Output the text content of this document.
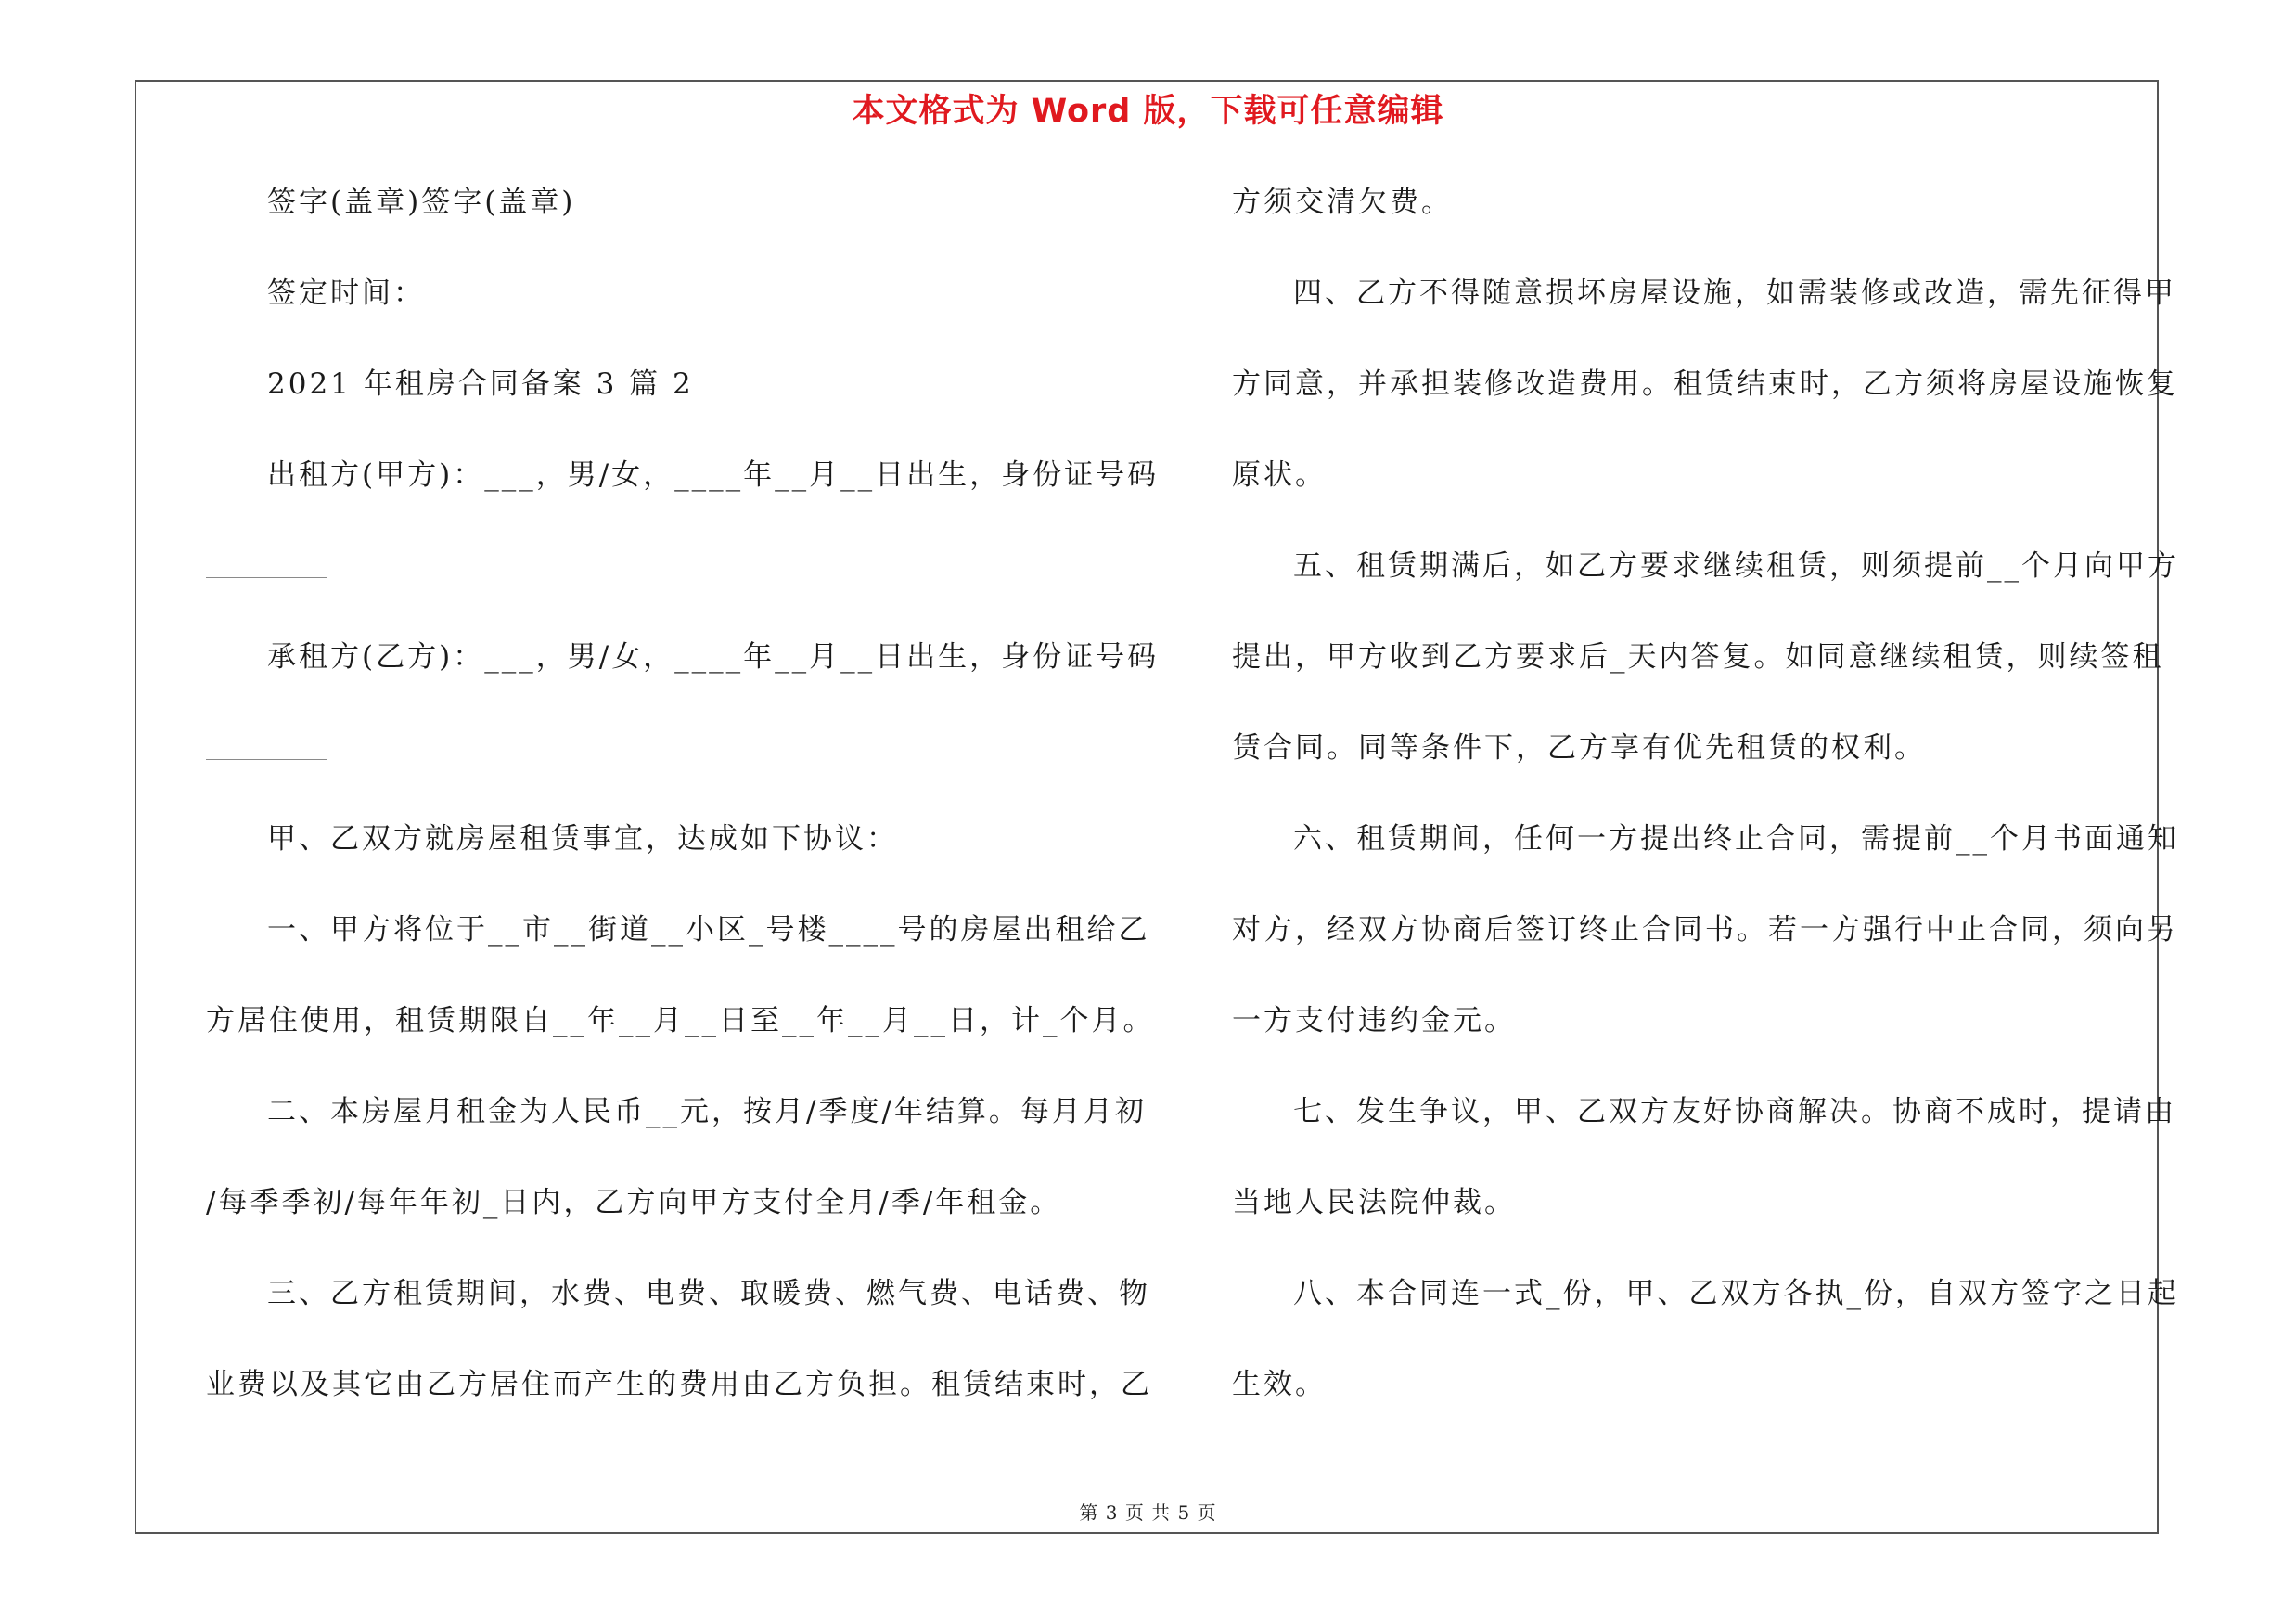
本文格式为 Word 版，下载可任意编辑
签字(盖章)签字(盖章)
签定时间：
2021 年租房合同备案 3 篇 2
出租方(甲方)：___，男/女，____年__月__日出生，身份证号码
承租方(乙方)：___，男/女，____年__月__日出生，身份证号码
甲、乙双方就房屋租赁事宜，达成如下协议：
一、甲方将位于__市__街道__小区_号楼____号的房屋出租给乙
方居住使用，租赁期限自__年__月__日至__年__月__日，计_个月。
二、本房屋月租金为人民币__元，按月/季度/年结算。每月月初
/每季季初/每年年初_日内，乙方向甲方支付全月/季/年租金。
三、乙方租赁期间，水费、电费、取暖费、燃气费、电话费、物
业费以及其它由乙方居住而产生的费用由乙方负担。租赁结束时，乙
方须交清欠费。
四、乙方不得随意损坏房屋设施，如需装修或改造，需先征得甲
方同意，并承担装修改造费用。租赁结束时，乙方须将房屋设施恢复
原状。
五、租赁期满后，如乙方要求继续租赁，则须提前__个月向甲方
提出，甲方收到乙方要求后_天内答复。如同意继续租赁，则续签租
赁合同。同等条件下，乙方享有优先租赁的权利。
六、租赁期间，任何一方提出终止合同，需提前__个月书面通知
对方，经双方协商后签订终止合同书。若一方强行中止合同，须向另
一方支付违约金元。
七、发生争议，甲、乙双方友好协商解决。协商不成时，提请由
当地人民法院仲裁。
八、本合同连一式_份，甲、乙双方各执_份，自双方签字之日起
生效。
第 3 页 共 5 页
